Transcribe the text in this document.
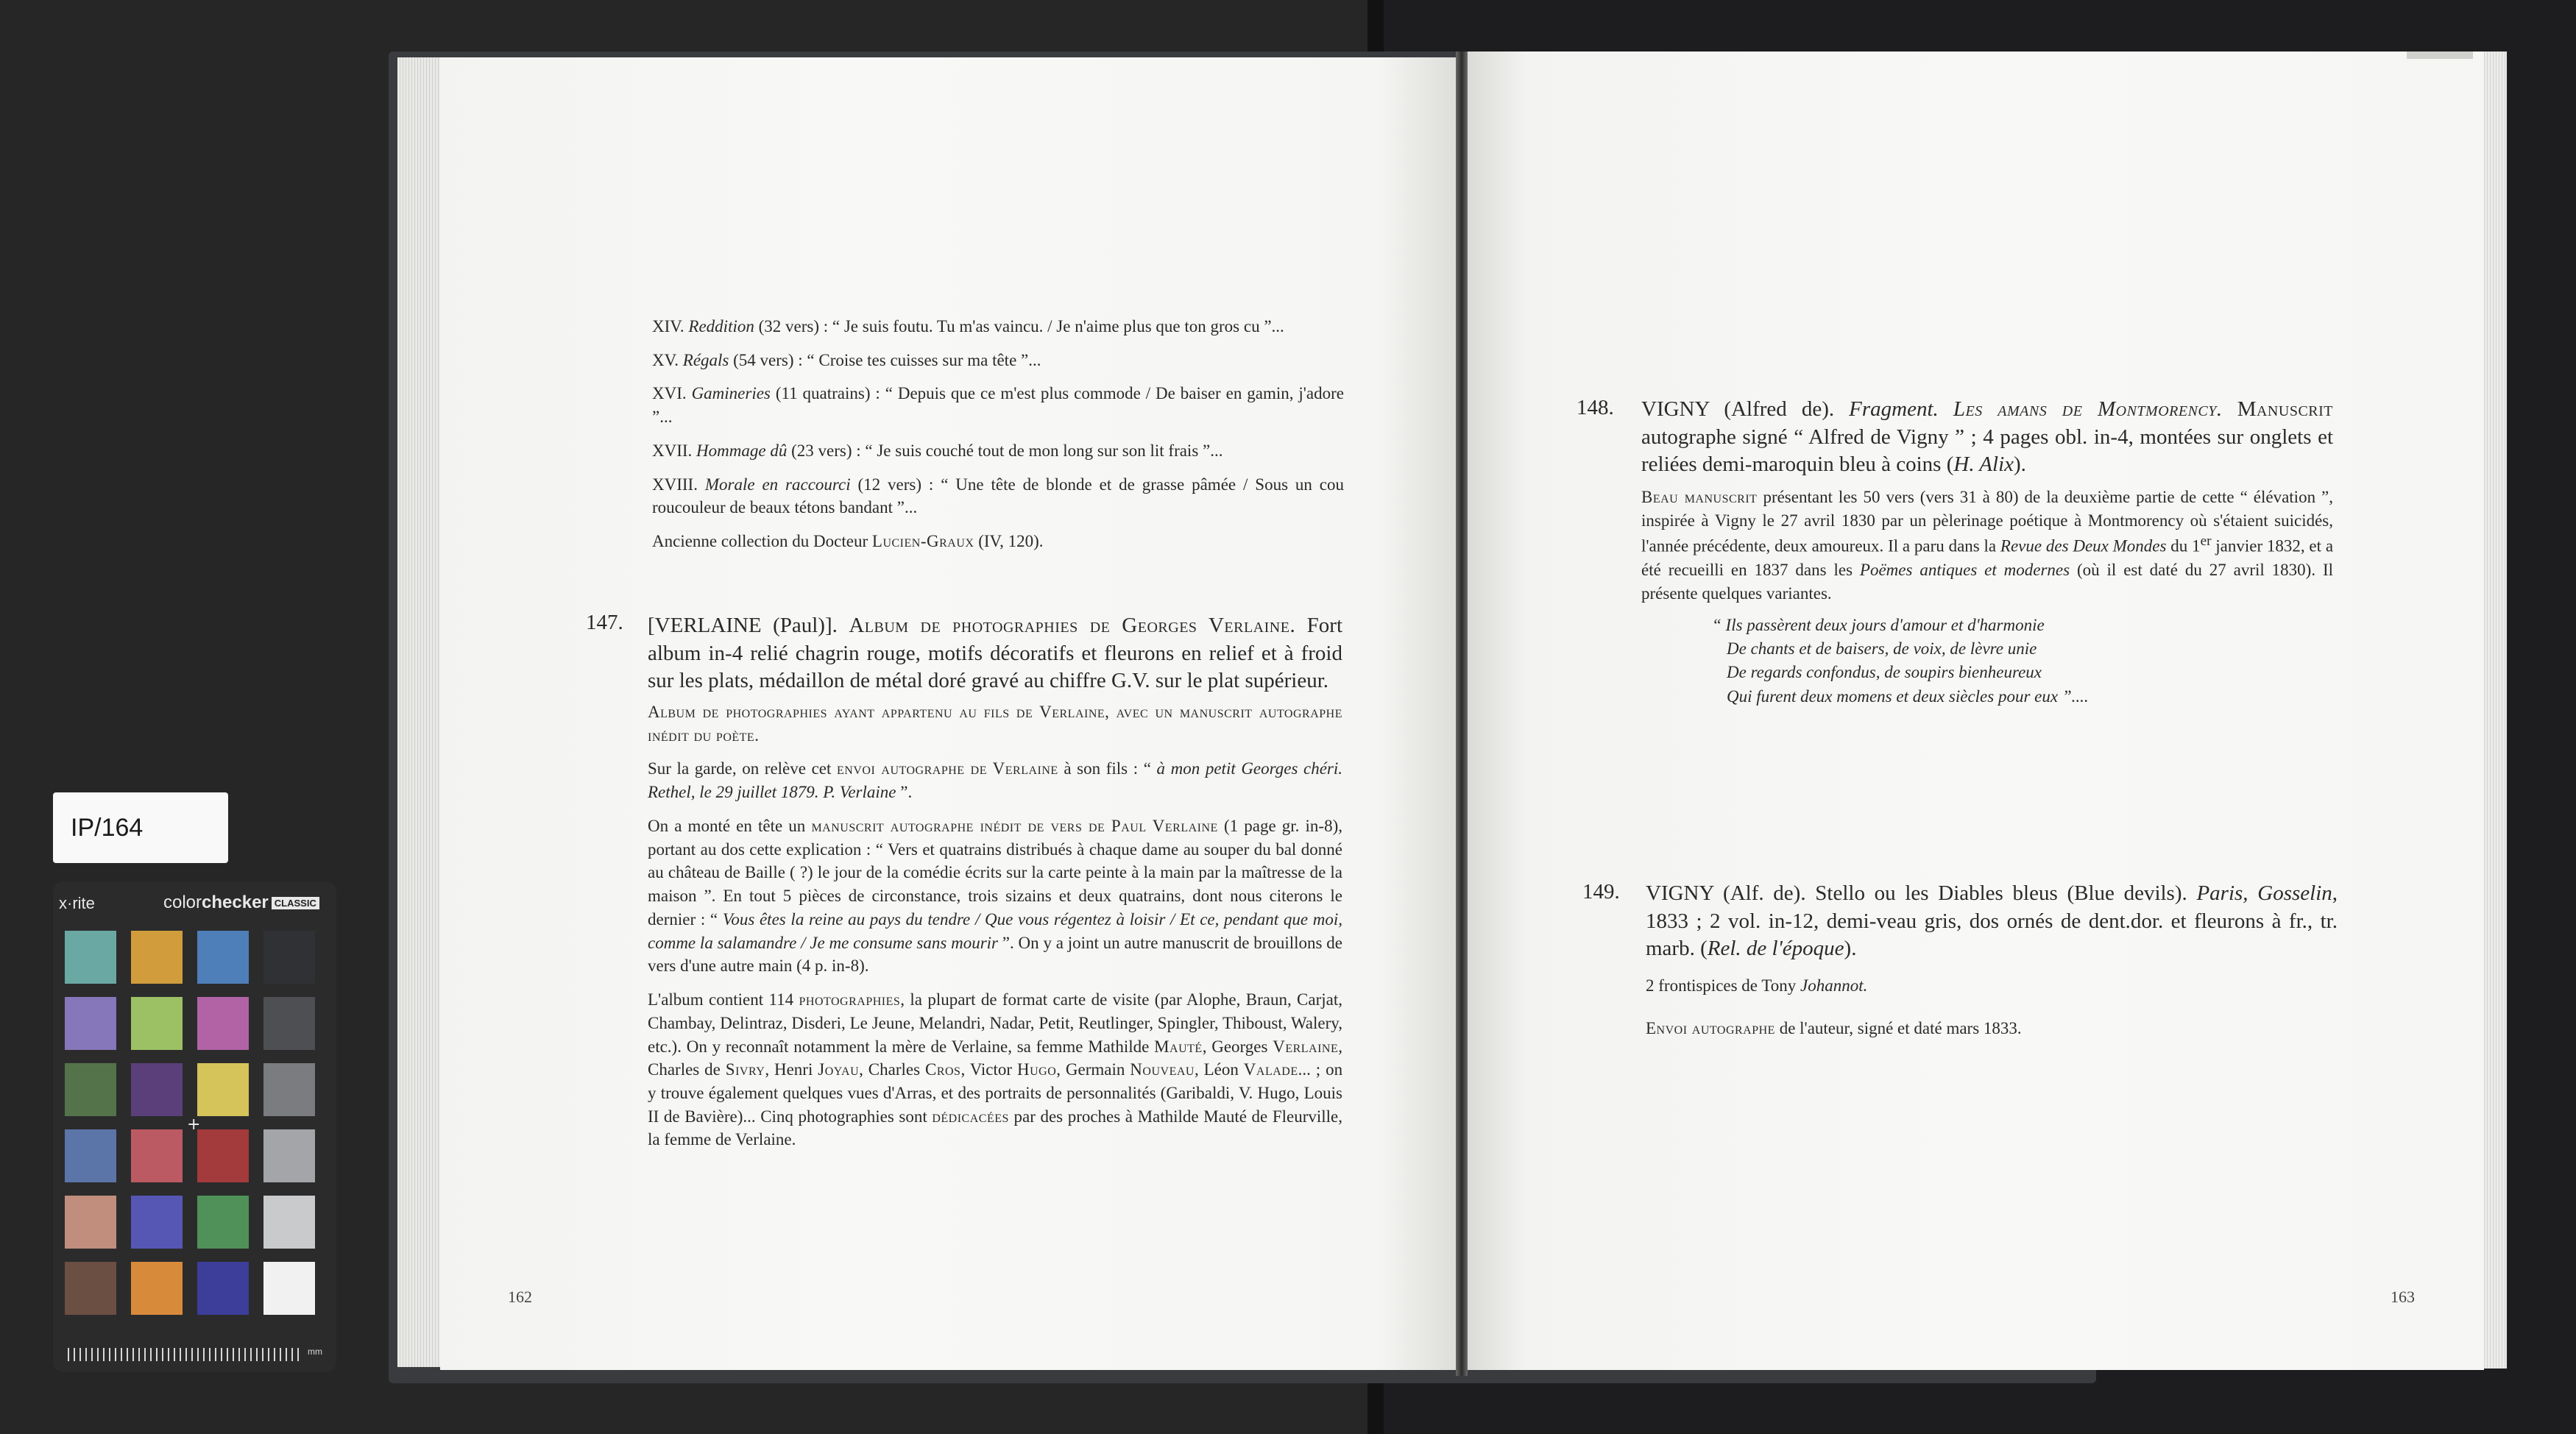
IP/164
x·rite	colorchecker CLASSIC
+
mm

XIV. Reddition (32 vers) : “ Je suis foutu. Tu m'as vaincu. / Je n'aime plus que ton gros cu ”...

XV. Régals (54 vers) : “ Croise tes cuisses sur ma tête ”...

XVI. Gamineries (11 quatrains) : “ Depuis que ce m'est plus commode / De baiser en gamin, j'adore ”...

XVII. Hommage dû (23 vers) : “ Je suis couché tout de mon long sur son lit frais ”...

XVIII. Morale en raccourci (12 vers) : “ Une tête de blonde et de grasse pâmée / Sous un cou roucouleur de beaux tétons bandant ”...

Ancienne collection du Docteur Lucien-Graux (IV, 120).

147. [VERLAINE (Paul)]. Album de photographies de Georges Verlaine. Fort album in-4 relié chagrin rouge, motifs décoratifs et fleurons en relief et à froid sur les plats, médaillon de métal doré gravé au chiffre G.V. sur le plat supérieur.

Album de photographies ayant appartenu au fils de Verlaine, avec un manuscrit autographe inédit du poète.

Sur la garde, on relève cet envoi autographe de Verlaine à son fils : “ à mon petit Georges chéri. Rethel, le 29 juillet 1879. P. Verlaine ”.

On a monté en tête un manuscrit autographe inédit de vers de Paul Verlaine (1 page gr. in-8), portant au dos cette explication : “ Vers et quatrains distribués à chaque dame au souper du bal donné au château de Baille ( ?) le jour de la comédie écrits sur la carte peinte à la main par la maîtresse de la maison ”. En tout 5 pièces de circonstance, trois sizains et deux quatrains, dont nous citerons le dernier : “ Vous êtes la reine au pays du tendre / Que vous régentez à loisir / Et ce, pendant que moi, comme la salamandre / Je me consume sans mourir ”. On y a joint un autre manuscrit de brouillons de vers d'une autre main (4 p. in-8).

L'album contient 114 photographies, la plupart de format carte de visite (par Alophe, Braun, Carjat, Chambay, Delintraz, Disderi, Le Jeune, Melandri, Nadar, Petit, Reutlinger, Spingler, Thiboust, Walery, etc.). On y reconnaît notamment la mère de Verlaine, sa femme Mathilde Mauté, Georges Verlaine, Charles de Sivry, Henri Joyau, Charles Cros, Victor Hugo, Germain Nouveau, Léon Valade... ; on y trouve également quelques vues d'Arras, et des portraits de personnalités (Garibaldi, V. Hugo, Louis II de Bavière)... Cinq photographies sont dédicacées par des proches à Mathilde Mauté de Fleurville, la femme de Verlaine.

162
148. VIGNY (Alfred de). Fragment. Les amans de Montmorency. Manuscrit autographe signé “ Alfred de Vigny ” ; 4 pages obl. in-4, montées sur onglets et reliées demi-maroquin bleu à coins (H. Alix).

Beau manuscrit présentant les 50 vers (vers 31 à 80) de la deuxième partie de cette “ élévation ”, inspirée à Vigny le 27 avril 1830 par un pèlerinage poétique à Montmorency où s'étaient suicidés, l'année précédente, deux amoureux. Il a paru dans la Revue des Deux Mondes du 1er janvier 1832, et a été recueilli en 1837 dans les Poëmes antiques et modernes (où il est daté du 27 avril 1830). Il présente quelques variantes.

“ Ils passèrent deux jours d'amour et d'harmonie
De chants et de baisers, de voix, de lèvre unie
De regards confondus, de soupirs bienheureux
Qui furent deux momens et deux siècles pour eux ”....
149. VIGNY (Alf. de). Stello ou les Diables bleus (Blue devils). Paris, Gosselin, 1833 ; 2 vol. in-12, demi-veau gris, dos ornés de dent.dor. et fleurons à fr., tr. marb. (Rel. de l'époque).

2 frontispices de Tony Johannot.

Envoi autographe de l'auteur, signé et daté mars 1833.

163
